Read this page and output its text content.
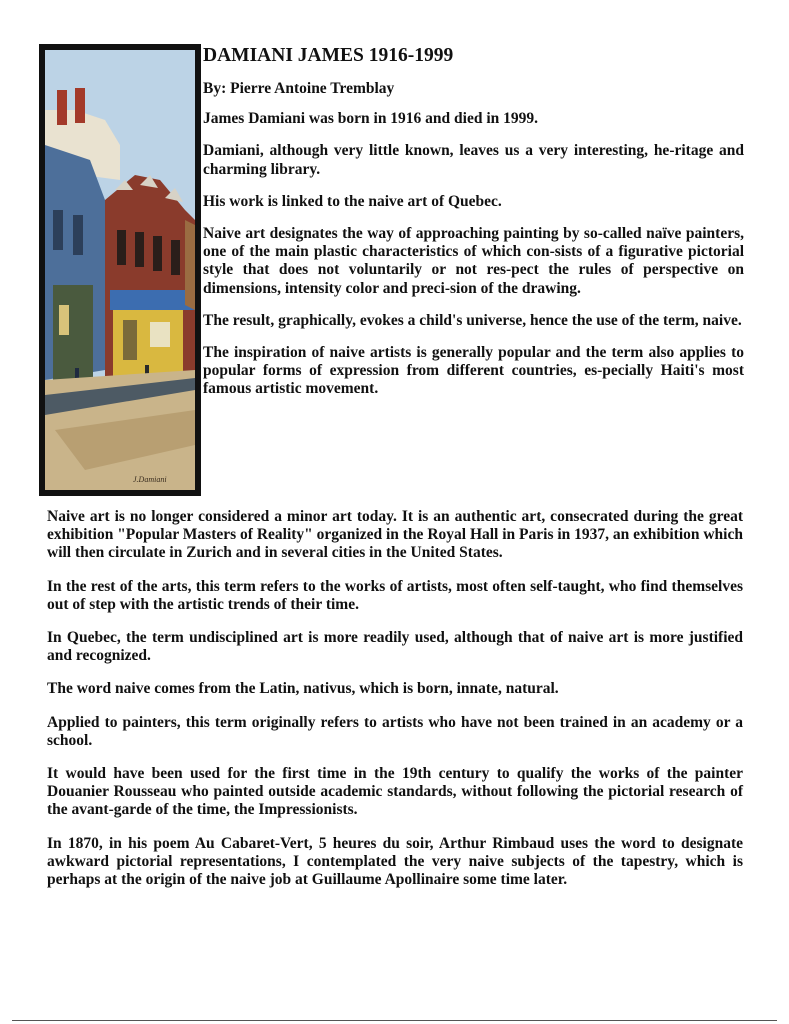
J.Damiani
DAMIANI JAMES 1916-1999

By: Pierre Antoine Tremblay

James Damiani was born in 1916 and died in 1999.

Damiani, although very little known, leaves us a very interesting, he-ritage and charming library.

His work is linked to the naive art of Quebec.

Naive art designates the way of approaching painting by so-called naïve painters, one of the main plastic characteristics of which con-sists of a figurative pictorial style that does not voluntarily or not res-pect the rules of perspective on dimensions, intensity color and preci-sion of the drawing.

The result, graphically, evokes a child's universe, hence the use of the term, naive.

The inspiration of naive artists is generally popular and the term also applies to popular forms of expression from different countries, es-pecially Haiti's most famous artistic movement.

Naive art is no longer considered a minor art today. It is an authentic art, consecrated during the great exhibition "Popular Masters of Reality" organized in the Royal Hall in Paris in 1937, an exhibition which will then circulate in Zurich and in several cities in the United States.

In the rest of the arts, this term refers to the works of artists, most often self-taught, who find themselves out of step with the artistic trends of their time.

In Quebec, the term undisciplined art is more readily used, although that of naive art is more justified and recognized.

The word naive comes from the Latin, nativus, which is born, innate, natural.

Applied to painters, this term originally refers to artists who have not been trained in an academy or a school.

It would have been used for the first time in the 19th century to qualify the works of the painter Douanier Rousseau who painted outside academic standards, without following the pictorial research of the avant-garde of the time, the Impressionists.

In 1870, in his poem Au Cabaret-Vert, 5 heures du soir, Arthur Rimbaud uses the word to designate awkward pictorial representations, I contemplated the very naive subjects of the tapestry, which is perhaps at the origin of the naive job at Guillaume Apollinaire some time later.
